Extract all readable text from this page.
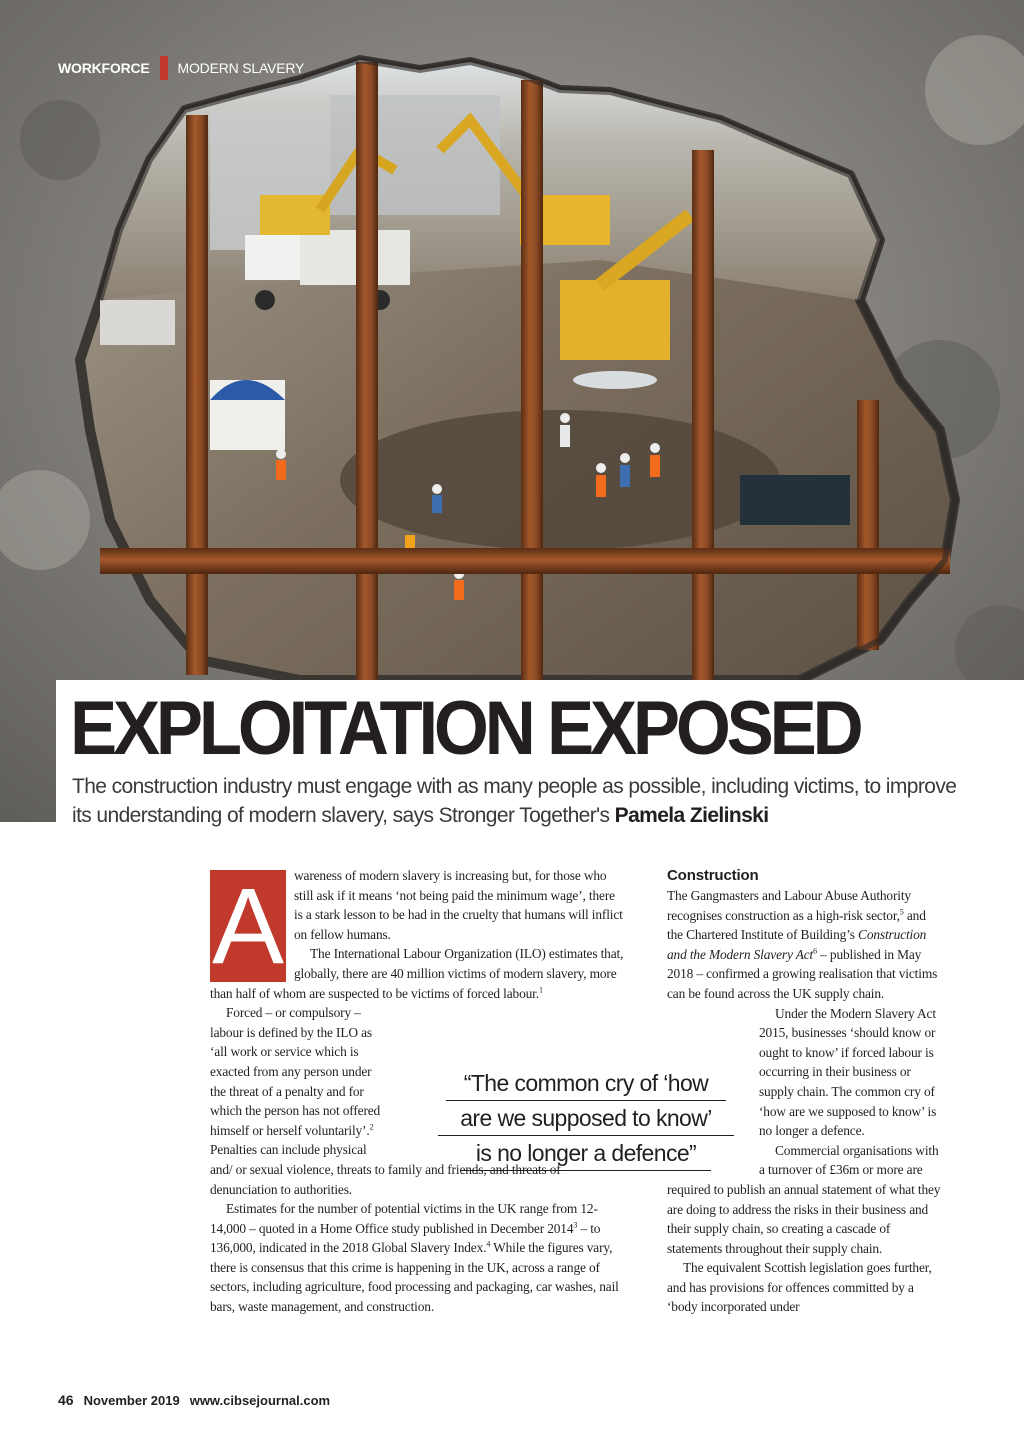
WORKFORCE MODERN SLAVERY
EXPLOITATION EXPOSED

The construction industry must engage with as many people as possible, including victims, to improve its understanding of modern slavery, says Stronger Together's Pamela Zielinski

A wareness of modern slavery is increasing but, for those who still ask if it means ‘not being paid the minimum wage’, there is a stark lesson to be had in the cruelty that humans will inflict on fellow humans.

The International Labour Organization (ILO) estimates that, globally, there are 40 million victims of modern slavery, more than half of whom are suspected to be victims of forced labour.$^1$

Forced – or compulsory – labour is defined by the ILO as ‘all work or service which is exacted from any person under the threat of a penalty and for which the person has not offered himself or herself voluntarily’.$^2$ Penalties can include physical and/ or sexual violence, threats to family and friends, and threats of denunciation to authorities.

Estimates for the number of potential victims in the UK range from 12-14,000 – quoted in a Home Office study published in December 2014$^3$ – to 136,000, indicated in the 2018 Global Slavery Index.$^4$ While the figures vary, there is consensus that this crime is happening in the UK, across a range of sectors, including agriculture, food processing and packaging, car washes, nail bars, waste management, and construction.

Construction

The Gangmasters and Labour Abuse Authority recognises construction as a high-risk sector,$^5$ and the Chartered Institute of Building’s Construction and the Modern Slavery Act$^6$ – published in May 2018 – confirmed a growing realisation that victims can be found across the UK supply chain.

Under the Modern Slavery Act 2015, businesses ‘should know or ought to know’ if forced labour is occurring in their business or supply chain. The common cry of ‘how are we supposed to know’ is no longer a defence.

Commercial organisations with a turnover of £36m or more are required to publish an annual statement of what they are doing to address the risks in their business and their supply chain, so creating a cascade of statements throughout their supply chain.

The equivalent Scottish legislation goes further, and has provisions for offences committed by a ‘body incorporated under

“The common cry of ‘how
are we supposed to know’
is no longer a defence”
46 November 2019 www.cibsejournal.com
